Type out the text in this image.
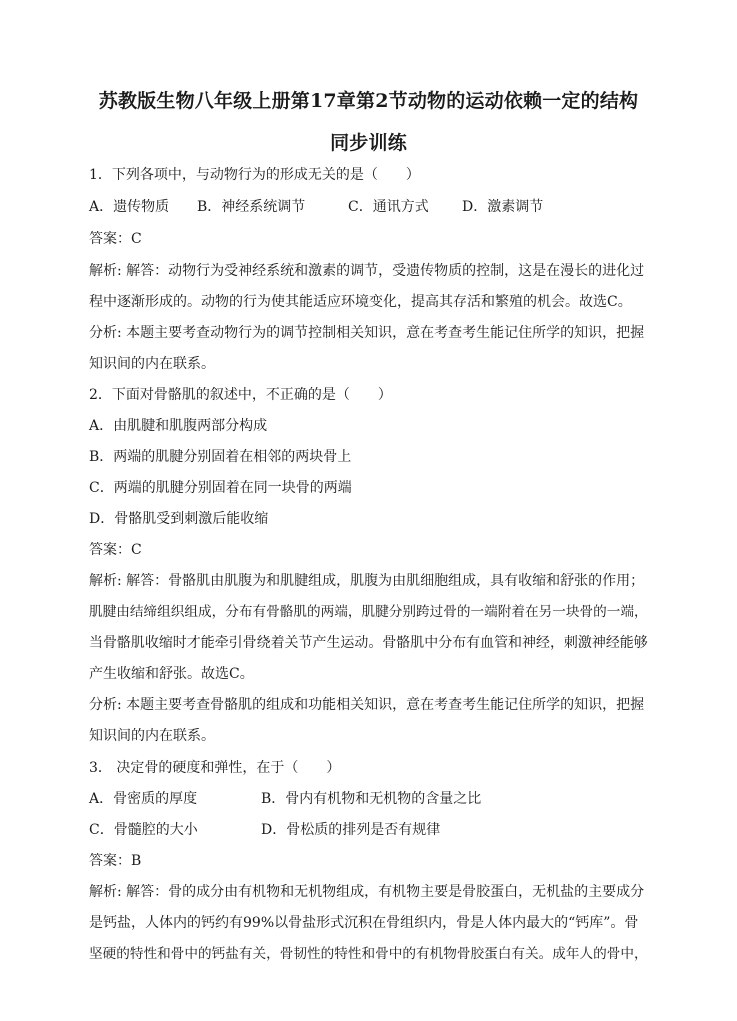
苏教版生物八年级上册第17章第2节动物的运动依赖一定的结构
同步训练
1．下列各项中，与动物行为的形成无关的是（　　）
A．遗传物质 B．神经系统调节	C．通讯方式 D．激素调节
答案：C
解析: 解答：动物行为受神经系统和激素的调节，受遗传物质的控制，这是在漫长的进化过
程中逐渐形成的。动物的行为使其能适应环境变化，提高其存活和繁殖的机会。故选C。
分析: 本题主要考查动物行为的调节控制相关知识，意在考查考生能记住所学的知识，把握
知识间的内在联系。
2．下面对骨骼肌的叙述中，不正确的是（　　）
A．由肌腱和肌腹两部分构成
B．两端的肌腱分别固着在相邻的两块骨上
C．两端的肌腱分别固着在同一块骨的两端
D．骨骼肌受到刺激后能收缩
答案：C
解析: 解答：骨骼肌由肌腹为和肌腱组成，肌腹为由肌细胞组成，具有收缩和舒张的作用；
肌腱由结缔组织组成，分布有骨骼肌的两端，肌腱分别跨过骨的一端附着在另一块骨的一端，
当骨骼肌收缩时才能牵引骨绕着关节产生运动。骨骼肌中分布有血管和神经，刺激神经能够
产生收缩和舒张。故选C。
分析: 本题主要考查骨骼肌的组成和功能相关知识，意在考查考生能记住所学的知识，把握
知识间的内在联系。
3． 决定骨的硬度和弹性，在于（　　）
A．骨密质的厚度	B．骨内有机物和无机物的含量之比
C．骨髓腔的大小	D．骨松质的排列是否有规律
答案：B
解析: 解答：骨的成分由有机物和无机物组成，有机物主要是骨胶蛋白，无机盐的主要成分
是钙盐，人体内的钙约有99%以骨盐形式沉积在骨组织内，骨是人体内最大的“钙库”。骨
坚硬的特性和骨中的钙盐有关，骨韧性的特性和骨中的有机物骨胶蛋白有关。成年人的骨中，
